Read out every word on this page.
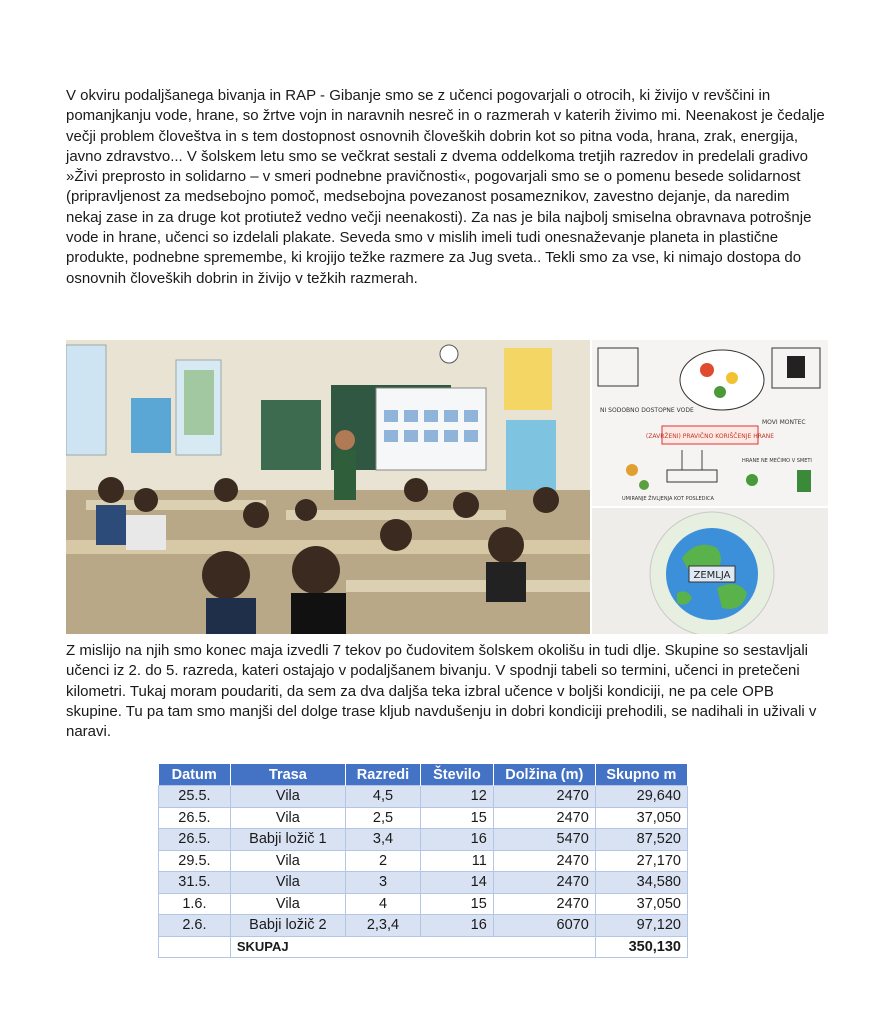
V okviru podaljšanega bivanja in RAP - Gibanje smo se z učenci pogovarjali o otrocih, ki živijo v revščini in pomanjkanju vode, hrane, so žrtve vojn in naravnih nesreč in o razmerah v katerih živimo mi. Neenakost je čedalje večji problem človeštva in s tem dostopnost osnovnih človeških dobrin kot so pitna voda, hrana, zrak, energija, javno zdravstvo... V šolskem letu smo se večkrat sestali z dvema oddelkoma tretjih razredov in predelali gradivo »Živi preprosto in solidarno – v smeri podnebne pravičnosti«, pogovarjali smo se o pomenu besede solidarnost (pripravljenost za medsebojno pomoč, medsebojna povezanost posameznikov, zavestno dejanje, da naredim nekaj zase in za druge kot protiutež vedno večji neenakosti). Za nas je bila najbolj smiselna obravnava potrošnje vode in hrane, učenci so izdelali plakate. Seveda smo v mislih imeli tudi onesnaževanje planeta in plastične produkte, podnebne spremembe, ki krojijo težke razmere za Jug sveta.. Tekli smo za vse, ki nimajo dostopa do osnovnih človeških dobrin in živijo v težkih razmerah.

(ZAVRŽENI) PRAVIČNO KORIŠČENJE HRANE
NI SODOBNO DOSTOPNE VODE
MOVI MONTEC
HRANE NE MEČIMO V SMETI
UMIRANJE ŽIVLJENJA KOT POSLEDICA
ZEMLJA

Z mislijo na njih smo konec maja izvedli 7 tekov po čudovitem šolskem okolišu in tudi dlje. Skupine so sestavljali učenci iz 2. do 5. razreda, kateri ostajajo v podaljšanem bivanju. V spodnji tabeli so termini, učenci in pretečeni kilometri. Tukaj moram poudariti, da sem za dva daljša teka izbral učence v boljši kondiciji, ne pa cele OPB skupine. Tu pa tam smo manjši del dolge trase kljub navdušenju in dobri kondiciji prehodili, se nadihali in uživali v naravi.

Datum	Trasa	Razredi	Število	Dolžina (m)	Skupno m
25.5.	Vila	4,5	12	2470	29,640
26.5.	Vila	2,5	15	2470	37,050
26.5.	Babji ložič 1	3,4	16	5470	87,520
29.5.	Vila	2	11	2470	27,170
31.5.	Vila	3	14	2470	34,580
1.6.	Vila	4	15	2470	37,050
2.6.	Babji ložič 2	2,3,4	16	6070	97,120
	SKUPAJ				350,130
